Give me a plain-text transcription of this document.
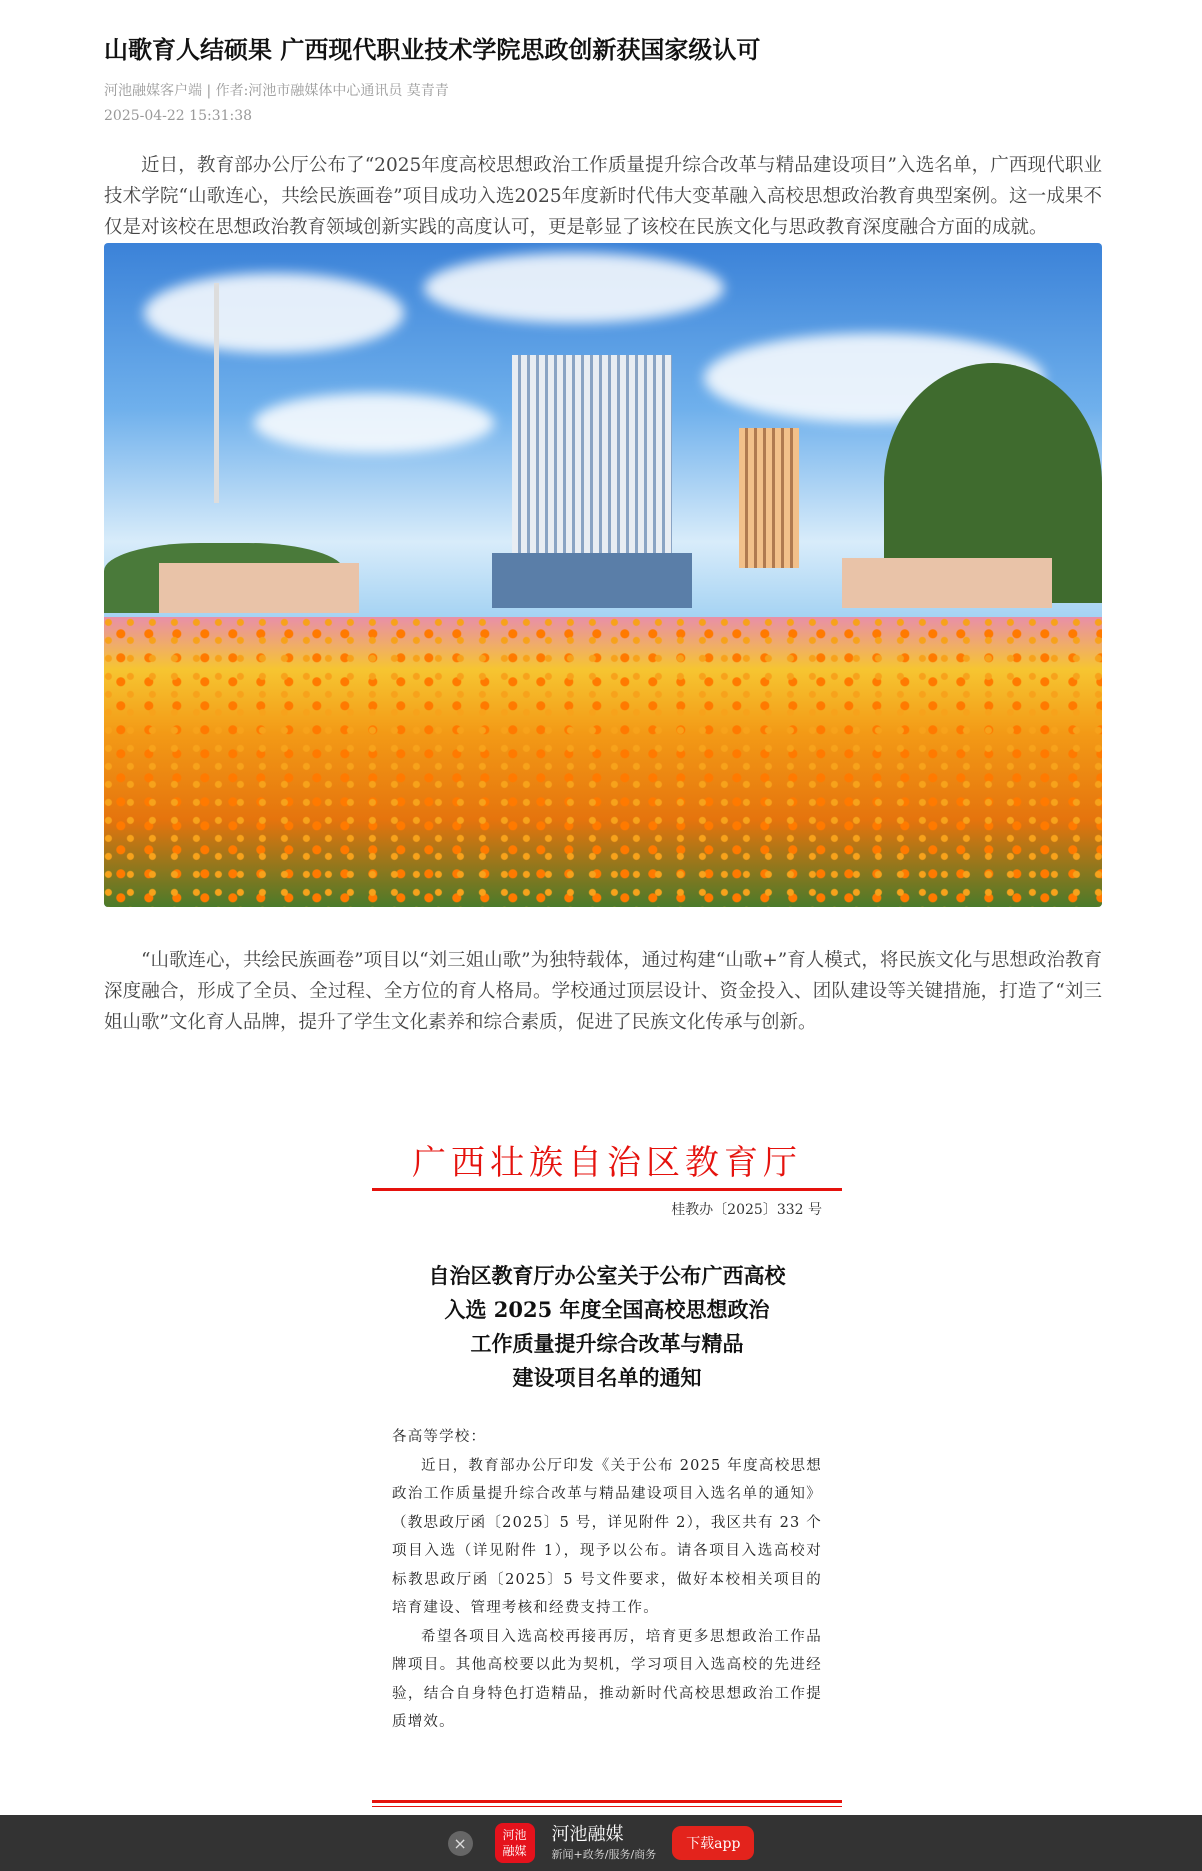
山歌育人结硕果 广西现代职业技术学院思政创新获国家级认可
河池融媒客户端 | 作者:河池市融媒体中心通讯员 莫青青
2025-04-22 15:31:38

近日，教育部办公厅公布了“2025年度高校思想政治工作质量提升综合改革与精品建设项目”入选名单，广西现代职业技术学院“山歌连心，共绘民族画卷”项目成功入选2025年度新时代伟大变革融入高校思想政治教育典型案例。这一成果不仅是对该校在思想政治教育领域创新实践的高度认可，更是彰显了该校在民族文化与思政教育深度融合方面的成就。

“山歌连心，共绘民族画卷”项目以“刘三姐山歌”为独特载体，通过构建“山歌+”育人模式，将民族文化与思想政治教育深度融合，形成了全员、全过程、全方位的育人格局。学校通过顶层设计、资金投入、团队建设等关键措施，打造了“刘三姐山歌”文化育人品牌，提升了学生文化素养和综合素质，促进了民族文化传承与创新。

广西壮族自治区教育厅
桂教办〔2025〕332 号
自治区教育厅办公室关于公布广西高校
入选 2025 年度全国高校思想政治
工作质量提升综合改革与精品
建设项目名单的通知

各高等学校：

近日，教育部办公厅印发《关于公布 2025 年度高校思想政治工作质量提升综合改革与精品建设项目入选名单的通知》（教思政厅函〔2025〕5 号，详见附件 2），我区共有 23 个项目入选（详见附件 1），现予以公布。请各项目入选高校对标教思政厅函〔2025〕5 号文件要求，做好本校相关项目的培育建设、管理考核和经费支持工作。

希望各项目入选高校再接再厉，培育更多思想政治工作品牌项目。其他高校要以此为契机，学习项目入选高校的先进经验，结合自身特色打造精品，推动新时代高校思想政治工作提质增效。

×	河池
融媒
河池融媒
新闻+政务/服务/商务
下载app
